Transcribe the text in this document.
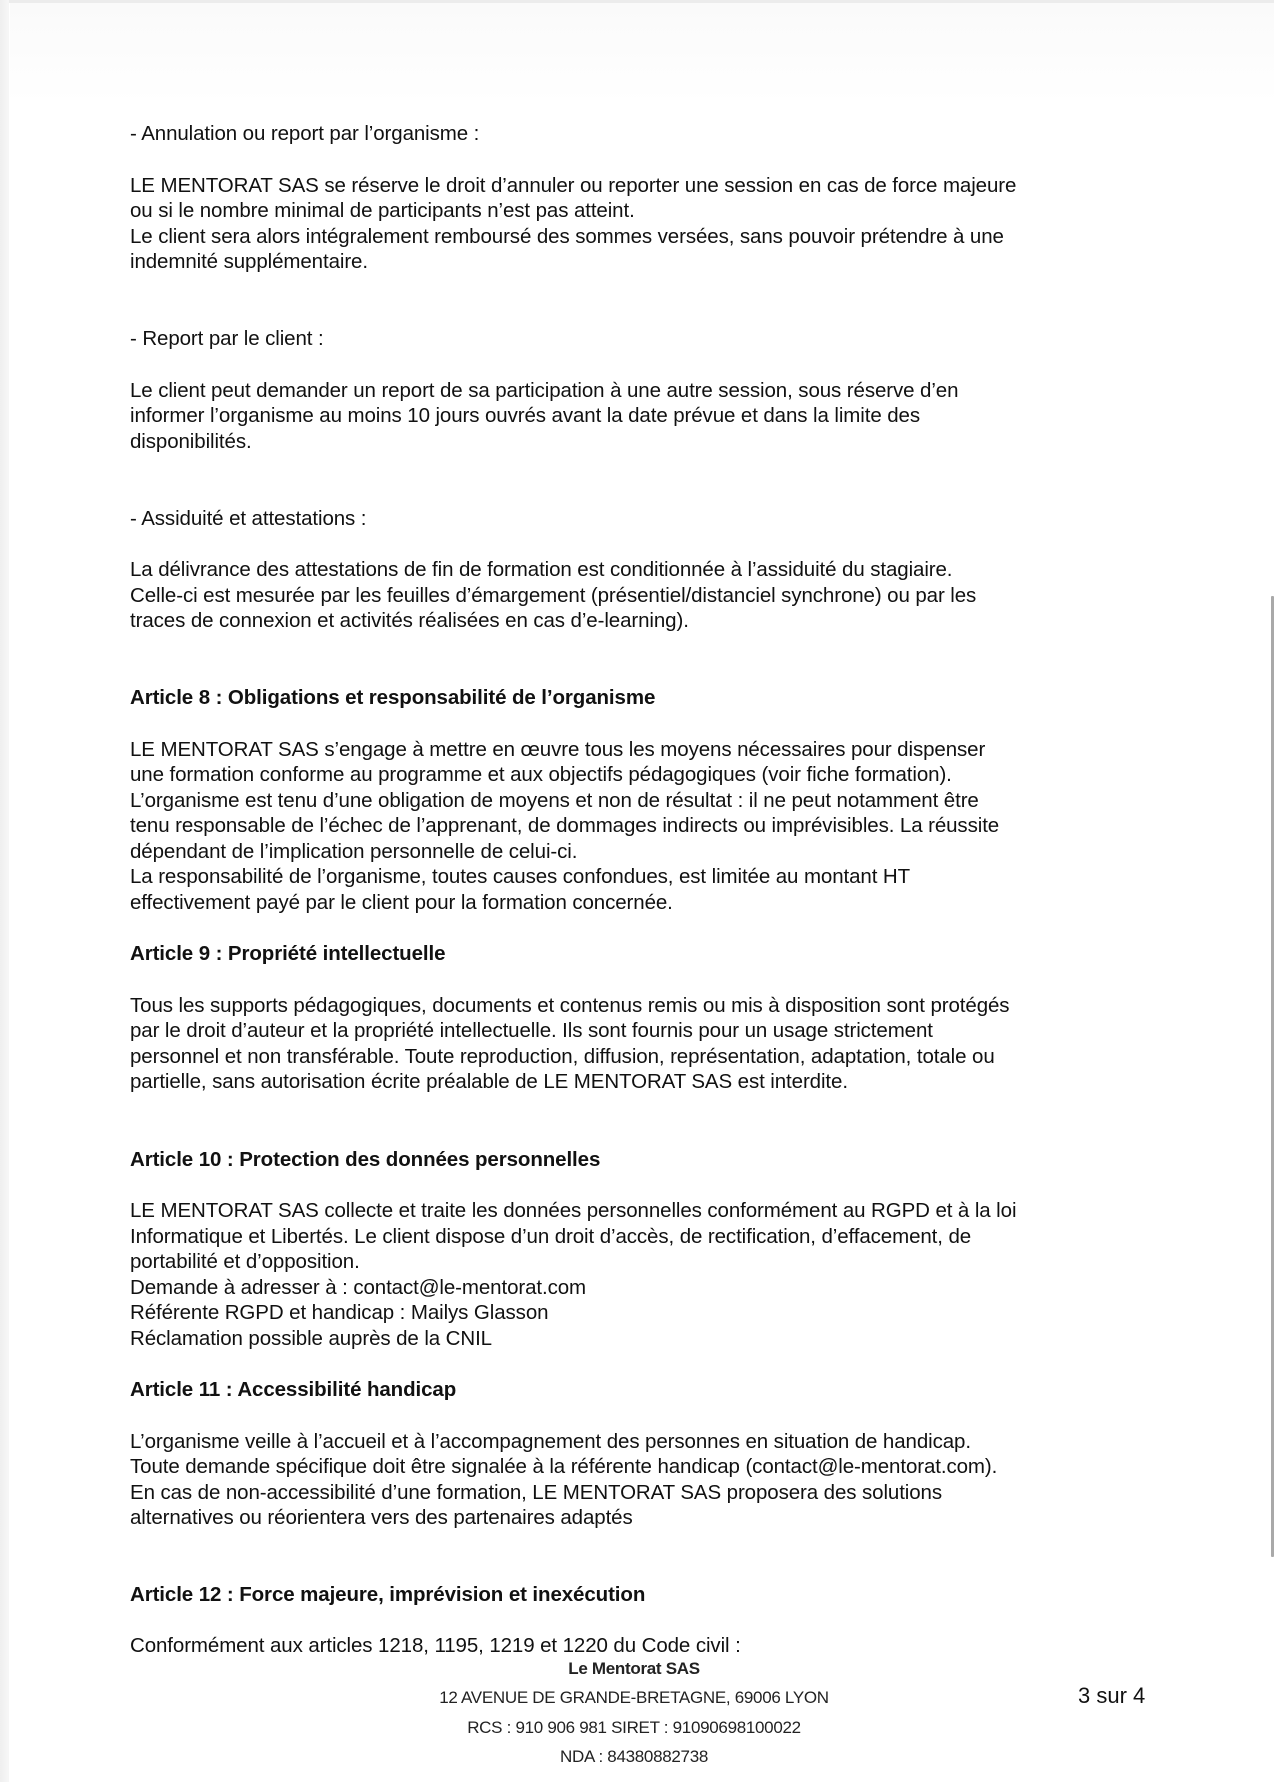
- Annulation ou report par l’organisme :
LE MENTORAT SAS se réserve le droit d’annuler ou reporter une session en cas de force majeure
ou si le nombre minimal de participants n’est pas atteint.
Le client sera alors intégralement remboursé des sommes versées, sans pouvoir prétendre à une
indemnité supplémentaire.
- Report par le client :
Le client peut demander un report de sa participation à une autre session, sous réserve d’en
informer l’organisme au moins 10 jours ouvrés avant la date prévue et dans la limite des
disponibilités.
- Assiduité et attestations :
La délivrance des attestations de fin de formation est conditionnée à l’assiduité du stagiaire.
Celle-ci est mesurée par les feuilles d’émargement (présentiel/distanciel synchrone) ou par les
traces de connexion et activités réalisées en cas d’e-learning).
Article 8 : Obligations et responsabilité de l’organisme
LE MENTORAT SAS s’engage à mettre en œuvre tous les moyens nécessaires pour dispenser
une formation conforme au programme et aux objectifs pédagogiques (voir fiche formation).
L’organisme est tenu d’une obligation de moyens et non de résultat : il ne peut notamment être
tenu responsable de l’échec de l’apprenant, de dommages indirects ou imprévisibles. La réussite
dépendant de l’implication personnelle de celui-ci.
La responsabilité de l’organisme, toutes causes confondues, est limitée au montant HT
effectivement payé par le client pour la formation concernée.
Article 9 : Propriété intellectuelle
Tous les supports pédagogiques, documents et contenus remis ou mis à disposition sont protégés
par le droit d’auteur et la propriété intellectuelle. Ils sont fournis pour un usage strictement
personnel et non transférable. Toute reproduction, diffusion, représentation, adaptation, totale ou
partielle, sans autorisation écrite préalable de LE MENTORAT SAS est interdite.
Article 10 : Protection des données personnelles
LE MENTORAT SAS collecte et traite les données personnelles conformément au RGPD et à la loi
Informatique et Libertés. Le client dispose d’un droit d’accès, de rectification, d’effacement, de
portabilité et d’opposition.
Demande à adresser à : contact@le-mentorat.com
Référente RGPD et handicap : Mailys Glasson
Réclamation possible auprès de la CNIL
Article 11 : Accessibilité handicap
L’organisme veille à l’accueil et à l’accompagnement des personnes en situation de handicap.
Toute demande spécifique doit être signalée à la référente handicap (contact@le-mentorat.com).
En cas de non-accessibilité d’une formation, LE MENTORAT SAS proposera des solutions
alternatives ou réorientera vers des partenaires adaptés
Article 12 : Force majeure, imprévision et inexécution
Conformément aux articles 1218, 1195, 1219 et 1220 du Code civil :
Le Mentorat SAS
12 AVENUE DE GRANDE-BRETAGNE, 69006 LYON
RCS : 910 906 981 SIRET : 91090698100022
NDA : 84380882738
3 sur 4
